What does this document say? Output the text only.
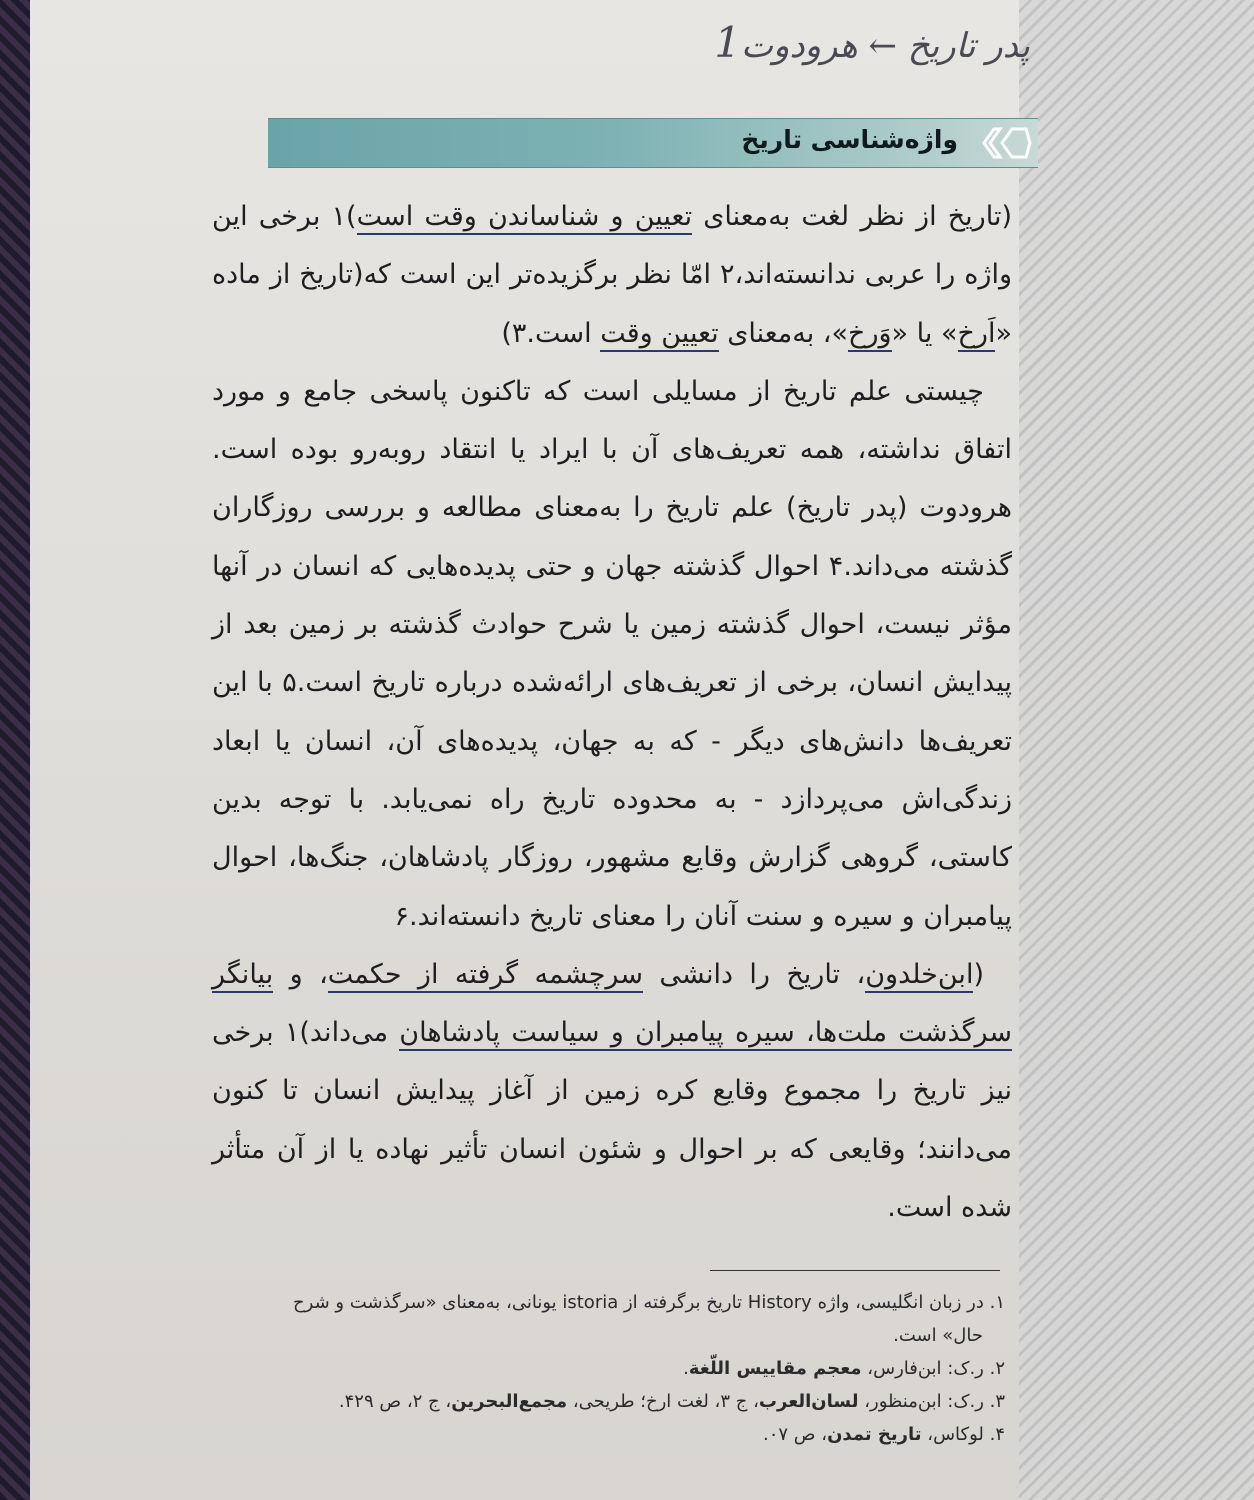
پدر تاریخ ← هرودوت1
واژه‌شناسی تاریخ

(تاریخ از نظر لغت به‌معنای تعیین و شناساندن وقت است)۱ برخی این واژه را عربی ندانسته‌اند،۲ امّا نظر برگزیده‌تر این است که(تاریخ از ماده «اَرخ» یا «وَرخ»، به‌معنای تعیین وقت است.۳)

چیستی علم تاریخ از مسایلی است که تاکنون پاسخی جامع و مورد اتفاق نداشته، همه تعریف‌های آن با ایراد یا انتقاد روبه‌رو بوده است. هرودوت (پدر تاریخ) علم تاریخ را به‌معنای مطالعه و بررسی روزگاران گذشته می‌داند.۴ احوال گذشته جهان و حتی پدیده‌هایی که انسان در آنها مؤثر نیست، احوال گذشته زمین یا شرح حوادث گذشته بر زمین بعد از پیدایش انسان، برخی از تعریف‌های ارائه‌شده درباره تاریخ است.۵ با این تعریف‌ها دانش‌های دیگر - که به جهان، پدیده‌های آن، انسان یا ابعاد زندگی‌اش می‌پردازد - به محدوده تاریخ راه نمی‌یابد. با توجه بدین کاستی، گروهی گزارش وقایع مشهور، روزگار پادشاهان، جنگ‌ها، احوال پیامبران و سیره و سنت آنان را معنای تاریخ دانسته‌اند.۶

(ابن‌خلدون، تاریخ را دانشی سرچشمه گرفته از حکمت، و بیانگر سرگذشت ملت‌ها، سیره پیامبران و سیاست پادشاهان می‌داند)۱ برخی نیز تاریخ را مجموع وقایع کره زمین از آغاز پیدایش انسان تا کنون می‌دانند؛ وقایعی که بر احوال و شئون انسان تأثیر نهاده یا از آن متأثر شده است.

۱. در زبان انگلیسی، واژه History تاریخ برگرفته از istoria یونانی، به‌معنای «سرگذشت و شرح

حال» است.

۲. ر.ک: ابن‌فارس، معجم مقاییس اللّغة.

۳. ر.ک: ابن‌منظور، لسان‌العرب، ج ۳، لغت ارخ؛ طریحی، مجمع‌البحرین، ج ۲، ص ۴۲۹.

۴. لوکاس، تاریخ تمدن، ص ۰۷.
